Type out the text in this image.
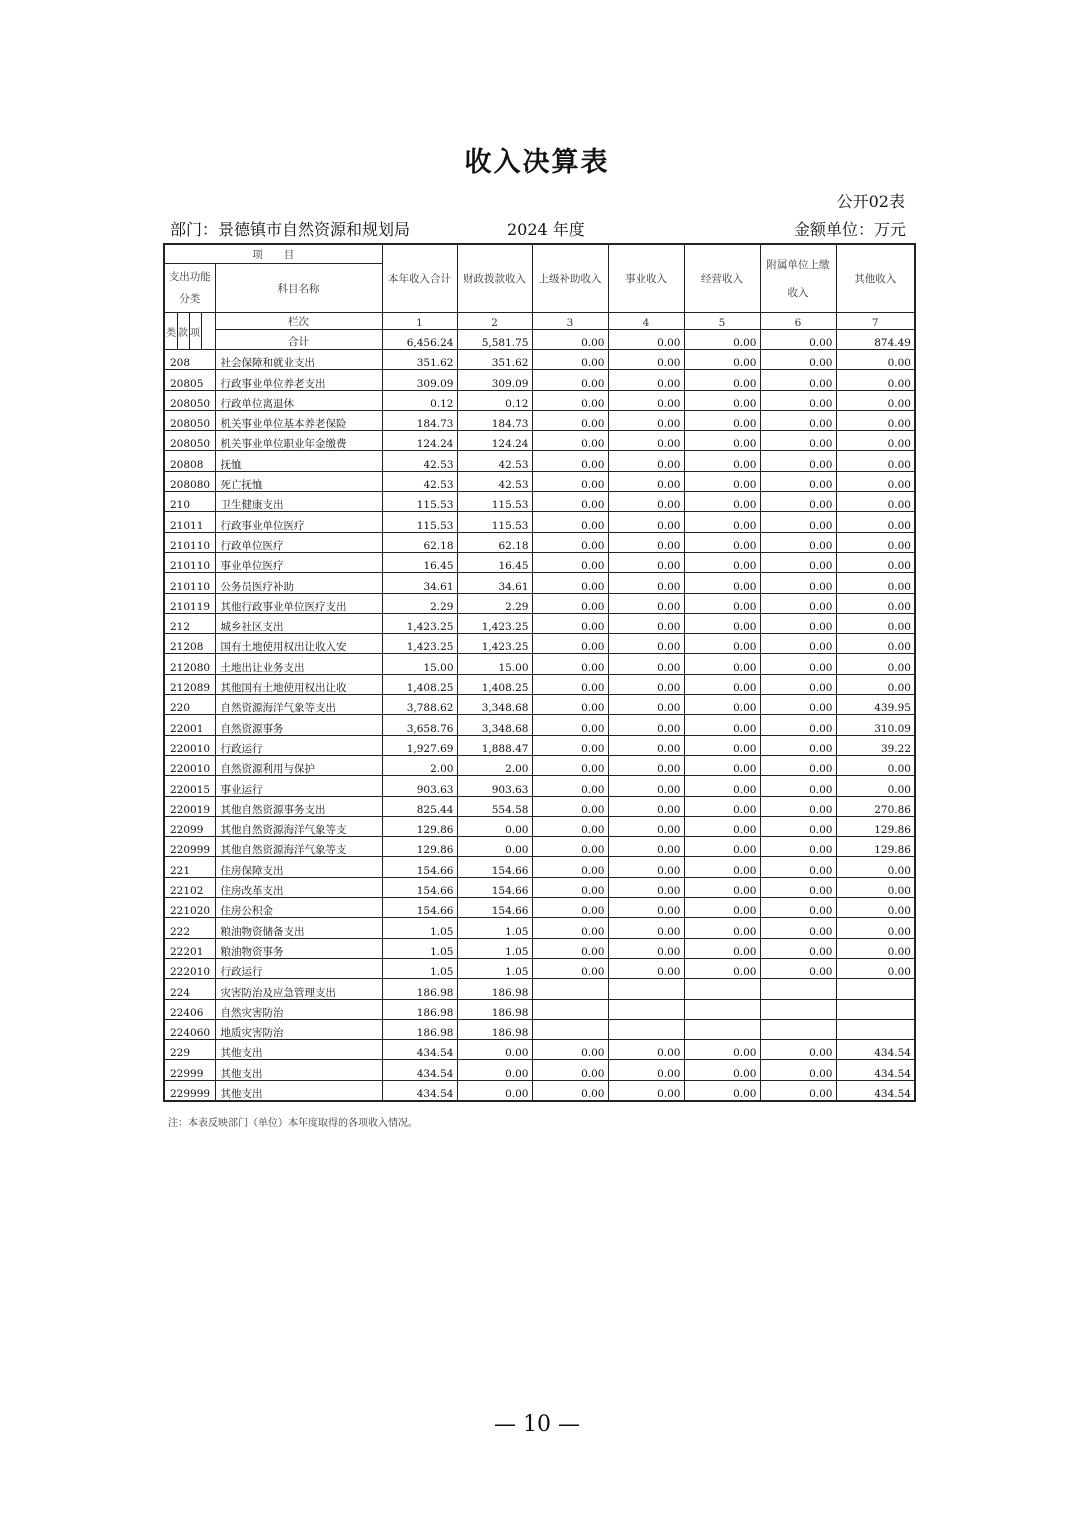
收入决算表
公开02表
部门：景德镇市自然资源和规划局	2024 年度	金额单位：万元
项　　目		本年收入合计	财政拨款收入	上级补助收入	事业收入	经营收入	附属单位上缴收入	其他收入
支出功能分类	科目名称							

类 款 项	栏次	1	2	3	4	5	6	7
	合计	6,456.24	5,581.75	0.00	0.00	0.00	0.00	874.49
208	社会保障和就业支出	351.62	351.62	0.00	0.00	0.00	0.00	0.00
20805	行政事业单位养老支出	309.09	309.09	0.00	0.00	0.00	0.00	0.00
208050	行政单位离退休	0.12	0.12	0.00	0.00	0.00	0.00	0.00
208050	机关事业单位基本养老保险	184.73	184.73	0.00	0.00	0.00	0.00	0.00
208050	机关事业单位职业年金缴费	124.24	124.24	0.00	0.00	0.00	0.00	0.00
20808	抚恤	42.53	42.53	0.00	0.00	0.00	0.00	0.00
208080	死亡抚恤	42.53	42.53	0.00	0.00	0.00	0.00	0.00
210	卫生健康支出	115.53	115.53	0.00	0.00	0.00	0.00	0.00
21011	行政事业单位医疗	115.53	115.53	0.00	0.00	0.00	0.00	0.00
210110	行政单位医疗	62.18	62.18	0.00	0.00	0.00	0.00	0.00
210110	事业单位医疗	16.45	16.45	0.00	0.00	0.00	0.00	0.00
210110	公务员医疗补助	34.61	34.61	0.00	0.00	0.00	0.00	0.00
210119	其他行政事业单位医疗支出	2.29	2.29	0.00	0.00	0.00	0.00	0.00
212	城乡社区支出	1,423.25	1,423.25	0.00	0.00	0.00	0.00	0.00
21208	国有土地使用权出让收入安	1,423.25	1,423.25	0.00	0.00	0.00	0.00	0.00
212080	土地出让业务支出	15.00	15.00	0.00	0.00	0.00	0.00	0.00
212089	其他国有土地使用权出让收	1,408.25	1,408.25	0.00	0.00	0.00	0.00	0.00
220	自然资源海洋气象等支出	3,788.62	3,348.68	0.00	0.00	0.00	0.00	439.95
22001	自然资源事务	3,658.76	3,348.68	0.00	0.00	0.00	0.00	310.09
220010	行政运行	1,927.69	1,888.47	0.00	0.00	0.00	0.00	39.22
220010	自然资源利用与保护	2.00	2.00	0.00	0.00	0.00	0.00	0.00
220015	事业运行	903.63	903.63	0.00	0.00	0.00	0.00	0.00
220019	其他自然资源事务支出	825.44	554.58	0.00	0.00	0.00	0.00	270.86
22099	其他自然资源海洋气象等支	129.86	0.00	0.00	0.00	0.00	0.00	129.86
220999	其他自然资源海洋气象等支	129.86	0.00	0.00	0.00	0.00	0.00	129.86
221	住房保障支出	154.66	154.66	0.00	0.00	0.00	0.00	0.00
22102	住房改革支出	154.66	154.66	0.00	0.00	0.00	0.00	0.00
221020	住房公积金	154.66	154.66	0.00	0.00	0.00	0.00	0.00
222	粮油物资储备支出	1.05	1.05	0.00	0.00	0.00	0.00	0.00
22201	粮油物资事务	1.05	1.05	0.00	0.00	0.00	0.00	0.00
222010	行政运行	1.05	1.05	0.00	0.00	0.00	0.00	0.00
224	灾害防治及应急管理支出	186.98	186.98					
22406	自然灾害防治	186.98	186.98					
224060	地质灾害防治	186.98	186.98					
229	其他支出	434.54	0.00	0.00	0.00	0.00	0.00	434.54
22999	其他支出	434.54	0.00	0.00	0.00	0.00	0.00	434.54
229999	其他支出	434.54	0.00	0.00	0.00	0.00	0.00	434.54
注：本表反映部门（单位）本年度取得的各项收入情况。
— 10 —
